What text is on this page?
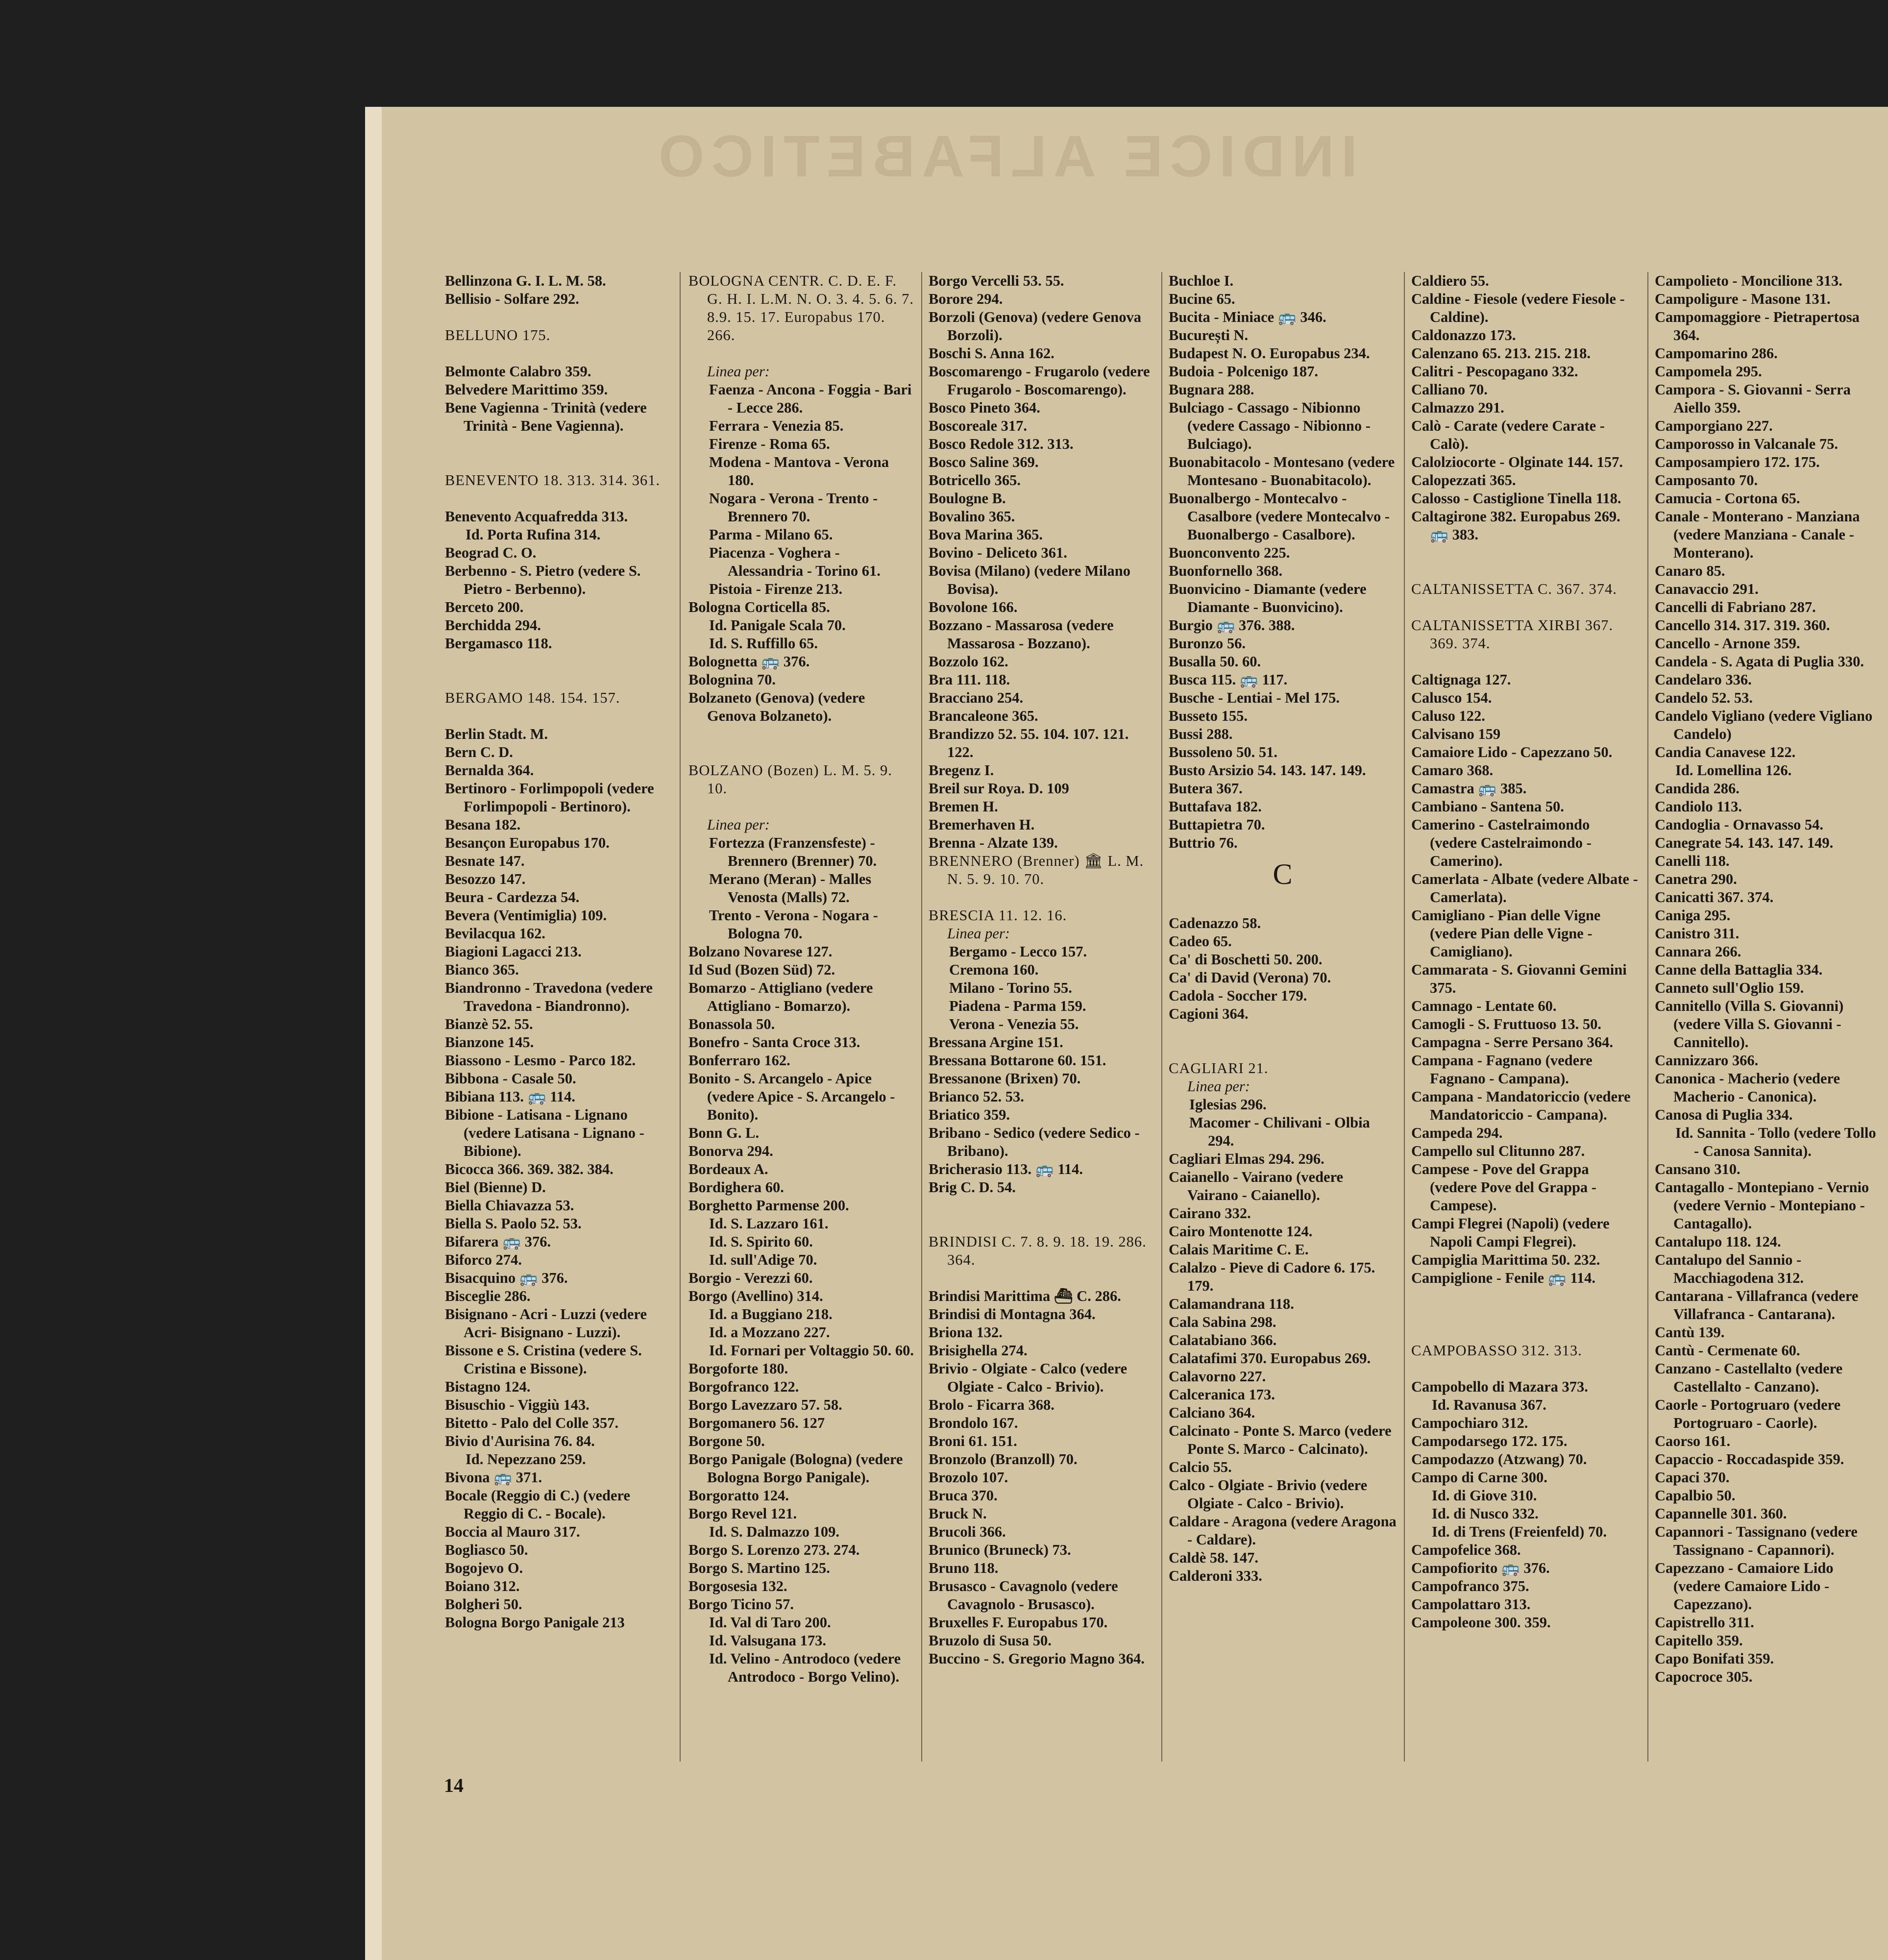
INDICE ALFABETICO
Bellinzona G. I. L. M. 58.
Bellisio - Solfare 292.
BELLUNO 175.
Belmonte Calabro 359.
Belvedere Marittimo 359.
Bene Vagienna - Trinità (vedere Trinità - Bene Vagienna).
BENEVENTO 18. 313. 314. 361.
Benevento Acquafredda 313.
Id. Porta Rufina 314.
Beograd C. O.
Berbenno - S. Pietro (vedere S. Pietro - Berbenno).
Berceto 200.
Berchidda 294.
Bergamasco 118.
BERGAMO 148. 154. 157.
Berlin Stadt. M.
Bern C. D.
Bernalda 364.
Bertinoro - Forlimpopoli (vedere Forlimpopoli - Bertinoro).
Besana 182.
Besançon Europabus 170.
Besnate 147.
Besozzo 147.
Beura - Cardezza 54.
Bevera (Ventimiglia) 109.
Bevilacqua 162.
Biagioni Lagacci 213.
Bianco 365.
Biandronno - Travedona (vedere Travedona - Biandronno).
Bianzè 52. 55.
Bianzone 145.
Biassono - Lesmo - Parco 182.
Bibbona - Casale 50.
Bibiana 113. 🚌 114.
Bibione - Latisana - Lignano (vedere Latisana - Lignano - Bibione).
Bicocca 366. 369. 382. 384.
Biel (Bienne) D.
Biella Chiavazza 53.
Biella S. Paolo 52. 53.
Bifarera 🚌 376.
Biforco 274.
Bisacquino 🚌 376.
Bisceglie 286.
Bisignano - Acri - Luzzi (vedere Acri- Bisignano - Luzzi).
Bissone e S. Cristina (vedere S. Cristina e Bissone).
Bistagno 124.
Bisuschio - Viggiù 143.
Bitetto - Palo del Colle 357.
Bivio d'Aurisina 76. 84.
Id. Nepezzano 259.
Bivona 🚌 371.
Bocale (Reggio di C.) (vedere Reggio di C. - Bocale).
Boccia al Mauro 317.
Bogliasco 50.
Bogojevo O.
Boiano 312.
Bolgheri 50.
Bologna Borgo Panigale 213
BOLOGNA CENTR. C. D. E. F. G. H. I. L.M. N. O. 3. 4. 5. 6. 7. 8.9. 15. 17. Europabus 170. 266.
Linea per:
Faenza - Ancona - Foggia - Bari - Lecce 286.
Ferrara - Venezia 85.
Firenze - Roma 65.
Modena - Mantova - Verona 180.
Nogara - Verona - Trento - Brennero 70.
Parma - Milano 65.
Piacenza - Voghera - Alessandria - Torino 61.
Pistoia - Firenze 213.
Bologna Corticella 85.
Id. Panigale Scala 70.
Id. S. Ruffillo 65.
Bolognetta 🚌 376.
Bolognina 70.
Bolzaneto (Genova) (vedere Genova Bolzaneto).
BOLZANO (Bozen) L. M. 5. 9. 10.
Linea per:
Fortezza (Franzensfeste) - Brennero (Brenner) 70.
Merano (Meran) - Malles Venosta (Malls) 72.
Trento - Verona - Nogara - Bologna 70.
Bolzano Novarese 127.
Id Sud (Bozen Süd) 72.
Bomarzo - Attigliano (vedere Attigliano - Bomarzo).
Bonassola 50.
Bonefro - Santa Croce 313.
Bonferraro 162.
Bonito - S. Arcangelo - Apice (vedere Apice - S. Arcangelo - Bonito).
Bonn G. L.
Bonorva 294.
Bordeaux A.
Bordighera 60.
Borghetto Parmense 200.
Id. S. Lazzaro 161.
Id. S. Spirito 60.
Id. sull'Adige 70.
Borgio - Verezzi 60.
Borgo (Avellino) 314.
Id. a Buggiano 218.
Id. a Mozzano 227.
Id. Fornari per Voltaggio 50. 60.
Borgoforte 180.
Borgofranco 122.
Borgo Lavezzaro 57. 58.
Borgomanero 56. 127
Borgone 50.
Borgo Panigale (Bologna) (vedere Bologna Borgo Panigale).
Borgoratto 124.
Borgo Revel 121.
Id. S. Dalmazzo 109.
Borgo S. Lorenzo 273. 274.
Borgo S. Martino 125.
Borgosesia 132.
Borgo Ticino 57.
Id. Val di Taro 200.
Id. Valsugana 173.
Id. Velino - Antrodoco (vedere Antrodoco - Borgo Velino).
Borgo Vercelli 53. 55.
Borore 294.
Borzoli (Genova) (vedere Genova Borzoli).
Boschi S. Anna 162.
Boscomarengo - Frugarolo (vedere Frugarolo - Boscomarengo).
Bosco Pineto 364.
Boscoreale 317.
Bosco Redole 312. 313.
Bosco Saline 369.
Botricello 365.
Boulogne B.
Bovalino 365.
Bova Marina 365.
Bovino - Deliceto 361.
Bovisa (Milano) (vedere Milano Bovisa).
Bovolone 166.
Bozzano - Massarosa (vedere Massarosa - Bozzano).
Bozzolo 162.
Bra 111. 118.
Bracciano 254.
Brancaleone 365.
Brandizzo 52. 55. 104. 107. 121. 122.
Bregenz I.
Breil sur Roya. D. 109
Bremen H.
Bremerhaven H.
Brenna - Alzate 139.
BRENNERO (Brenner) 🏛 L. M. N. 5. 9. 10. 70.
BRESCIA 11. 12. 16.
Linea per:
Bergamo - Lecco 157.
Cremona 160.
Milano - Torino 55.
Piadena - Parma 159.
Verona - Venezia 55.
Bressana Argine 151.
Bressana Bottarone 60. 151.
Bressanone (Brixen) 70.
Brianco 52. 53.
Briatico 359.
Bribano - Sedico (vedere Sedico - Bribano).
Bricherasio 113. 🚌 114.
Brig C. D. 54.
BRINDISI C. 7. 8. 9. 18. 19. 286. 364.
Brindisi Marittima ⛴ C. 286.
Brindisi di Montagna 364.
Briona 132.
Brisighella 274.
Brivio - Olgiate - Calco (vedere Olgiate - Calco - Brivio).
Brolo - Ficarra 368.
Brondolo 167.
Broni 61. 151.
Bronzolo (Branzoll) 70.
Brozolo 107.
Bruca 370.
Bruck N.
Brucoli 366.
Brunico (Bruneck) 73.
Bruno 118.
Brusasco - Cavagnolo (vedere Cavagnolo - Brusasco).
Bruxelles F. Europabus 170.
Bruzolo di Susa 50.
Buccino - S. Gregorio Magno 364.
Buchloe I.
Bucine 65.
Bucita - Miniace 🚌 346.
București N.
Budapest N. O. Europabus 234.
Budoia - Polcenigo 187.
Bugnara 288.
Bulciago - Cassago - Nibionno (vedere Cassago - Nibionno - Bulciago).
Buonabitacolo - Montesano (vedere Montesano - Buonabitacolo).
Buonalbergo - Montecalvo - Casalbore (vedere Montecalvo - Buonalbergo - Casalbore).
Buonconvento 225.
Buonfornello 368.
Buonvicino - Diamante (vedere Diamante - Buonvicino).
Burgio 🚌 376. 388.
Buronzo 56.
Busalla 50. 60.
Busca 115. 🚌 117.
Busche - Lentiai - Mel 175.
Busseto 155.
Bussi 288.
Bussoleno 50. 51.
Busto Arsizio 54. 143. 147. 149.
Butera 367.
Buttafava 182.
Buttapietra 70.
Buttrio 76.
C
Cadenazzo 58.
Cadeo 65.
Ca' di Boschetti 50. 200.
Ca' di David (Verona) 70.
Cadola - Soccher 179.
Cagioni 364.
CAGLIARI 21.
Linea per:
Iglesias 296.
Macomer - Chilivani - Olbia 294.
Cagliari Elmas 294. 296.
Caianello - Vairano (vedere Vairano - Caianello).
Cairano 332.
Cairo Montenotte 124.
Calais Maritime C. E.
Calalzo - Pieve di Cadore 6. 175. 179.
Calamandrana 118.
Cala Sabina 298.
Calatabiano 366.
Calatafimi 370. Europabus 269.
Calavorno 227.
Calceranica 173.
Calciano 364.
Calcinato - Ponte S. Marco (vedere Ponte S. Marco - Calcinato).
Calcio 55.
Calco - Olgiate - Brivio (vedere Olgiate - Calco - Brivio).
Caldare - Aragona (vedere Aragona - Caldare).
Caldè 58. 147.
Calderoni 333.
Caldiero 55.
Caldine - Fiesole (vedere Fiesole - Caldine).
Caldonazzo 173.
Calenzano 65. 213. 215. 218.
Calitri - Pescopagano 332.
Calliano 70.
Calmazzo 291.
Calò - Carate (vedere Carate - Calò).
Calolziocorte - Olginate 144. 157.
Calopezzati 365.
Calosso - Castiglione Tinella 118.
Caltagirone 382. Europabus 269. 🚌 383.
CALTANISSETTA C. 367. 374.
CALTANISSETTA XIRBI 367. 369. 374.
Caltignaga 127.
Calusco 154.
Caluso 122.
Calvisano 159
Camaiore Lido - Capezzano 50.
Camaro 368.
Camastra 🚌 385.
Cambiano - Santena 50.
Camerino - Castelraimondo (vedere Castelraimondo - Camerino).
Camerlata - Albate (vedere Albate - Camerlata).
Camigliano - Pian delle Vigne (vedere Pian delle Vigne - Camigliano).
Cammarata - S. Giovanni Gemini 375.
Camnago - Lentate 60.
Camogli - S. Fruttuoso 13. 50.
Campagna - Serre Persano 364.
Campana - Fagnano (vedere Fagnano - Campana).
Campana - Mandatoriccio (vedere Mandatoriccio - Campana).
Campeda 294.
Campello sul Clitunno 287.
Campese - Pove del Grappa (vedere Pove del Grappa - Campese).
Campi Flegrei (Napoli) (vedere Napoli Campi Flegrei).
Campiglia Marittima 50. 232.
Campiglione - Fenile 🚌 114.
CAMPOBASSO 312. 313.
Campobello di Mazara 373.
Id. Ravanusa 367.
Campochiaro 312.
Campodarsego 172. 175.
Campodazzo (Atzwang) 70.
Campo di Carne 300.
Id. di Giove 310.
Id. di Nusco 332.
Id. di Trens (Freienfeld) 70.
Campofelice 368.
Campofiorito 🚌 376.
Campofranco 375.
Campolattaro 313.
Campoleone 300. 359.
Campolieto - Moncilione 313.
Campoligure - Masone 131.
Campomaggiore - Pietrapertosa 364.
Campomarino 286.
Campomela 295.
Campora - S. Giovanni - Serra Aiello 359.
Camporgiano 227.
Camporosso in Valcanale 75.
Camposampiero 172. 175.
Camposanto 70.
Camucia - Cortona 65.
Canale - Monterano - Manziana (vedere Manziana - Canale - Monterano).
Canaro 85.
Canavaccio 291.
Cancelli di Fabriano 287.
Cancello 314. 317. 319. 360.
Cancello - Arnone 359.
Candela - S. Agata di Puglia 330.
Candelaro 336.
Candelo 52. 53.
Candelo Vigliano (vedere Vigliano Candelo)
Candia Canavese 122.
Id. Lomellina 126.
Candida 286.
Candiolo 113.
Candoglia - Ornavasso 54.
Canegrate 54. 143. 147. 149.
Canelli 118.
Canetra 290.
Canicatti 367. 374.
Caniga 295.
Canistro 311.
Cannara 266.
Canne della Battaglia 334.
Canneto sull'Oglio 159.
Cannitello (Villa S. Giovanni) (vedere Villa S. Giovanni - Cannitello).
Cannizzaro 366.
Canonica - Macherio (vedere Macherio - Canonica).
Canosa di Puglia 334.
Id. Sannita - Tollo (vedere Tollo - Canosa Sannita).
Cansano 310.
Cantagallo - Montepiano - Vernio (vedere Vernio - Montepiano - Cantagallo).
Cantalupo 118. 124.
Cantalupo del Sannio - Macchiagodena 312.
Cantarana - Villafranca (vedere Villafranca - Cantarana).
Cantù 139.
Cantù - Cermenate 60.
Canzano - Castellalto (vedere Castellalto - Canzano).
Caorle - Portogruaro (vedere Portogruaro - Caorle).
Caorso 161.
Capaccio - Roccadaspide 359.
Capaci 370.
Capalbio 50.
Capannelle 301. 360.
Capannori - Tassignano (vedere Tassignano - Capannori).
Capezzano - Camaiore Lido (vedere Camaiore Lido - Capezzano).
Capistrello 311.
Capitello 359.
Capo Bonifati 359.
Capocroce 305.
14
